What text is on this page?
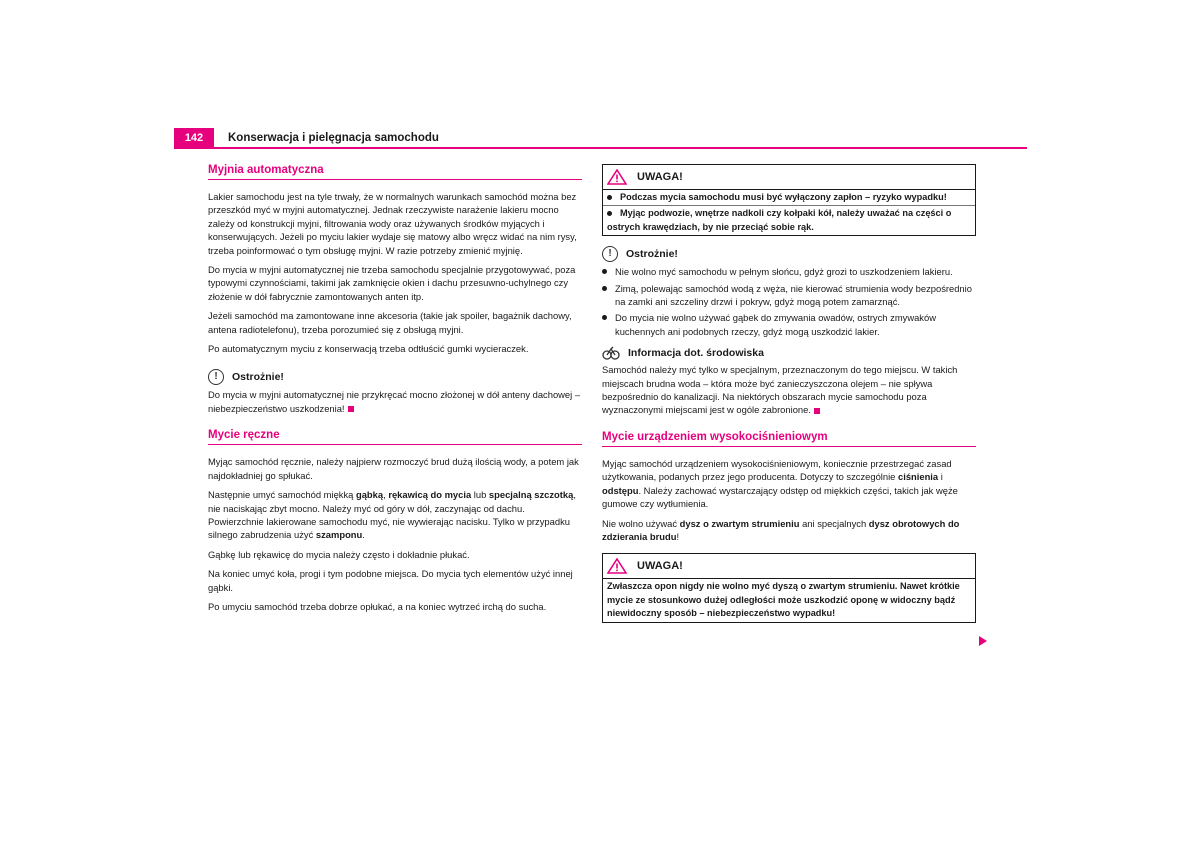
142	Konserwacja i pielęgnacja samochodu
Myjnia automatyczna

Lakier samochodu jest na tyle trwały, że w normalnych warunkach samochód można bez przeszkód myć w myjni automatycznej. Jednak rzeczywiste narażenie lakieru mocno zależy od konstrukcji myjni, filtrowania wody oraz używanych środków myjących i konserwujących. Jeżeli po myciu lakier wydaje się matowy albo wręcz widać na nim rysy, trzeba poinformować o tym obsługę myjni. W razie potrzeby zmienić myjnię.

Do mycia w myjni automatycznej nie trzeba samochodu specjalnie przygotowywać, poza typowymi czynnościami, takimi jak zamknięcie okien i dachu przesuwno-uchylnego czy złożenie w dół fabrycznie zamontowanych anten itp.

Jeżeli samochód ma zamontowane inne akcesoria (takie jak spoiler, bagażnik dachowy, antena radiotelefonu), trzeba porozumieć się z obsługą myjni.

Po automatycznym myciu z konserwacją trzeba odtłuścić gumki wycieraczek.

!	Ostrożnie!

Do mycia w myjni automatycznej nie przykręcać mocno złożonej w dół anteny dachowej – niebezpieczeństwo uszkodzenia!

Mycie ręczne

Myjąc samochód ręcznie, należy najpierw rozmoczyć brud dużą ilością wody, a potem jak najdokładniej go spłukać.

Następnie umyć samochód miękką gąbką, rękawicą do mycia lub specjalną szczotką, nie naciskając zbyt mocno. Należy myć od góry w dół, zaczynając od dachu. Powierzchnie lakierowane samochodu myć, nie wywierając nacisku. Tylko w przypadku silnego zabrudzenia użyć szamponu.

Gąbkę lub rękawicę do mycia należy często i dokładnie płukać.

Na koniec umyć koła, progi i tym podobne miejsca. Do mycia tych elementów użyć innej gąbki.

Po umyciu samochód trzeba dobrze opłukać, a na koniec wytrzeć irchą do sucha.

UWAGA!
Podczas mycia samochodu musi być wyłączony zapłon – ryzyko wypadku!
Myjąc podwozie, wnętrze nadkoli czy kołpaki kół, należy uważać na części o ostrych krawędziach, by nie przeciąć sobie rąk.
!	Ostrożnie!
Nie wolno myć samochodu w pełnym słońcu, gdyż grozi to uszkodzeniem lakieru.
Zimą, polewając samochód wodą z węża, nie kierować strumienia wody bezpośrednio na zamki ani szczeliny drzwi i pokryw, gdyż mogą potem zamarznąć.
Do mycia nie wolno używać gąbek do zmywania owadów, ostrych zmywaków kuchennych ani podobnych rzeczy, gdyż mogą uszkodzić lakier.
Informacja dot. środowiska

Samochód należy myć tylko w specjalnym, przeznaczonym do tego miejscu. W takich miejscach brudna woda – która może być zanieczyszczona olejem – nie spływa bezpośrednio do kanalizacji. Na niektórych obszarach mycie samochodu poza wyznaczonymi miejscami jest w ogóle zabronione.

Mycie urządzeniem wysokociśnieniowym

Myjąc samochód urządzeniem wysokociśnieniowym, koniecznie przestrzegać zasad użytkowania, podanych przez jego producenta. Dotyczy to szczególnie ciśnienia i odstępu. Należy zachować wystarczający odstęp od miękkich części, takich jak węże gumowe czy wytłumienia.

Nie wolno używać dysz o zwartym strumieniu ani specjalnych dysz obrotowych do zdzierania brudu!

UWAGA!
Zwłaszcza opon nigdy nie wolno myć dyszą o zwartym strumieniu. Nawet krótkie mycie ze stosunkowo dużej odległości może uszkodzić oponę w widoczny bądź niewidoczny sposób – niebezpieczeństwo wypadku!
